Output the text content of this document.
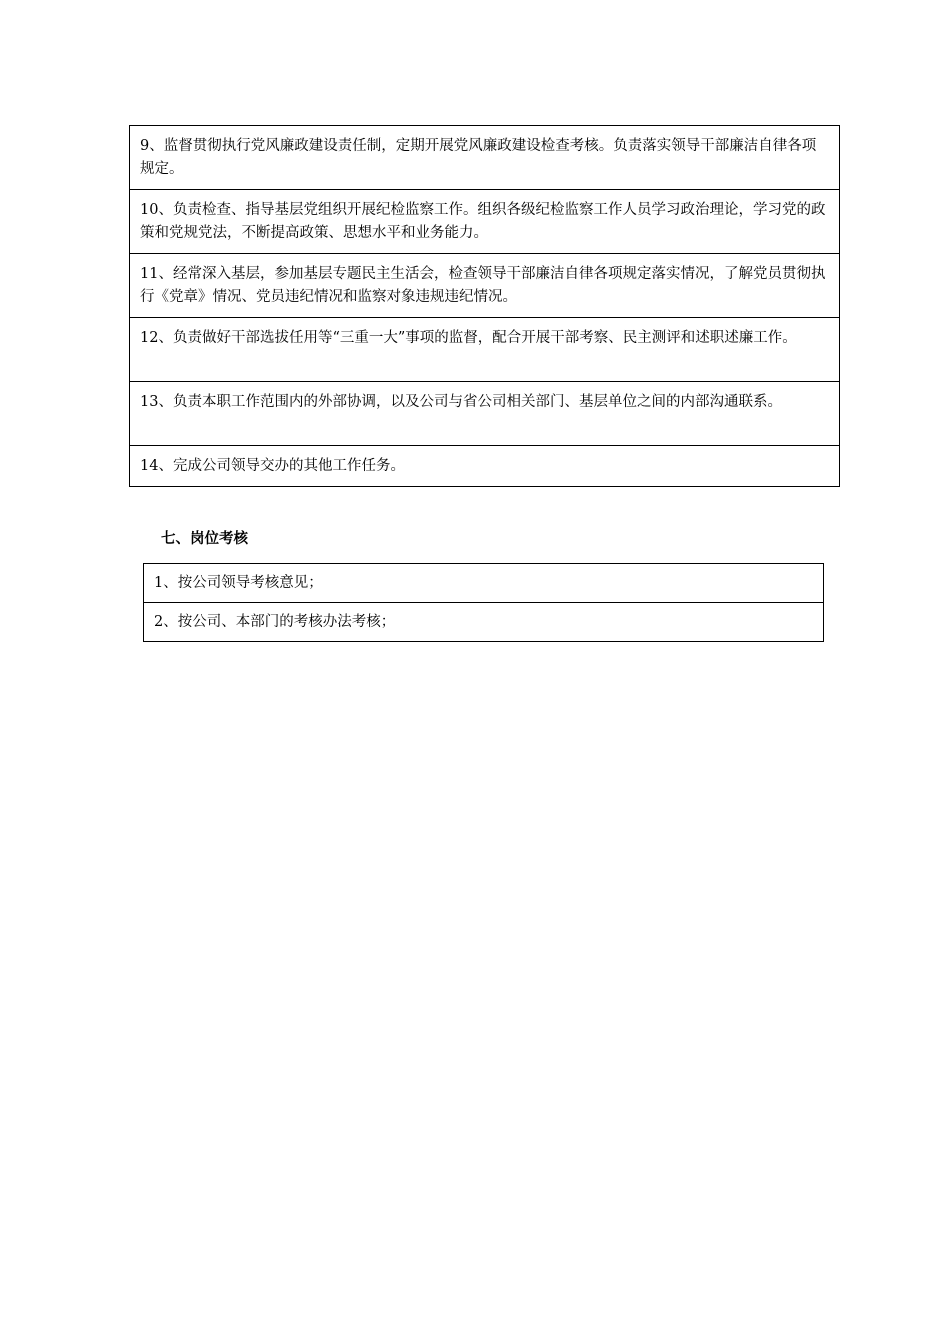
9、监督贯彻执行党风廉政建设责任制，定期开展党风廉政建设检查考核。负责落实领导干部廉洁自律各项规定。
10、负责检查、指导基层党组织开展纪检监察工作。组织各级纪检监察工作人员学习政治理论，学习党的政策和党规党法，不断提高政策、思想水平和业务能力。
11、经常深入基层，参加基层专题民主生活会，检查领导干部廉洁自律各项规定落实情况，了解党员贯彻执行《党章》情况、党员违纪情况和监察对象违规违纪情况。
12、负责做好干部选拔任用等“三重一大”事项的监督，配合开展干部考察、民主测评和述职述廉工作。
13、负责本职工作范围内的外部协调，以及公司与省公司相关部门、基层单位之间的内部沟通联系。
14、完成公司领导交办的其他工作任务。
七、岗位考核
1、按公司领导考核意见；
2、按公司、本部门的考核办法考核；
